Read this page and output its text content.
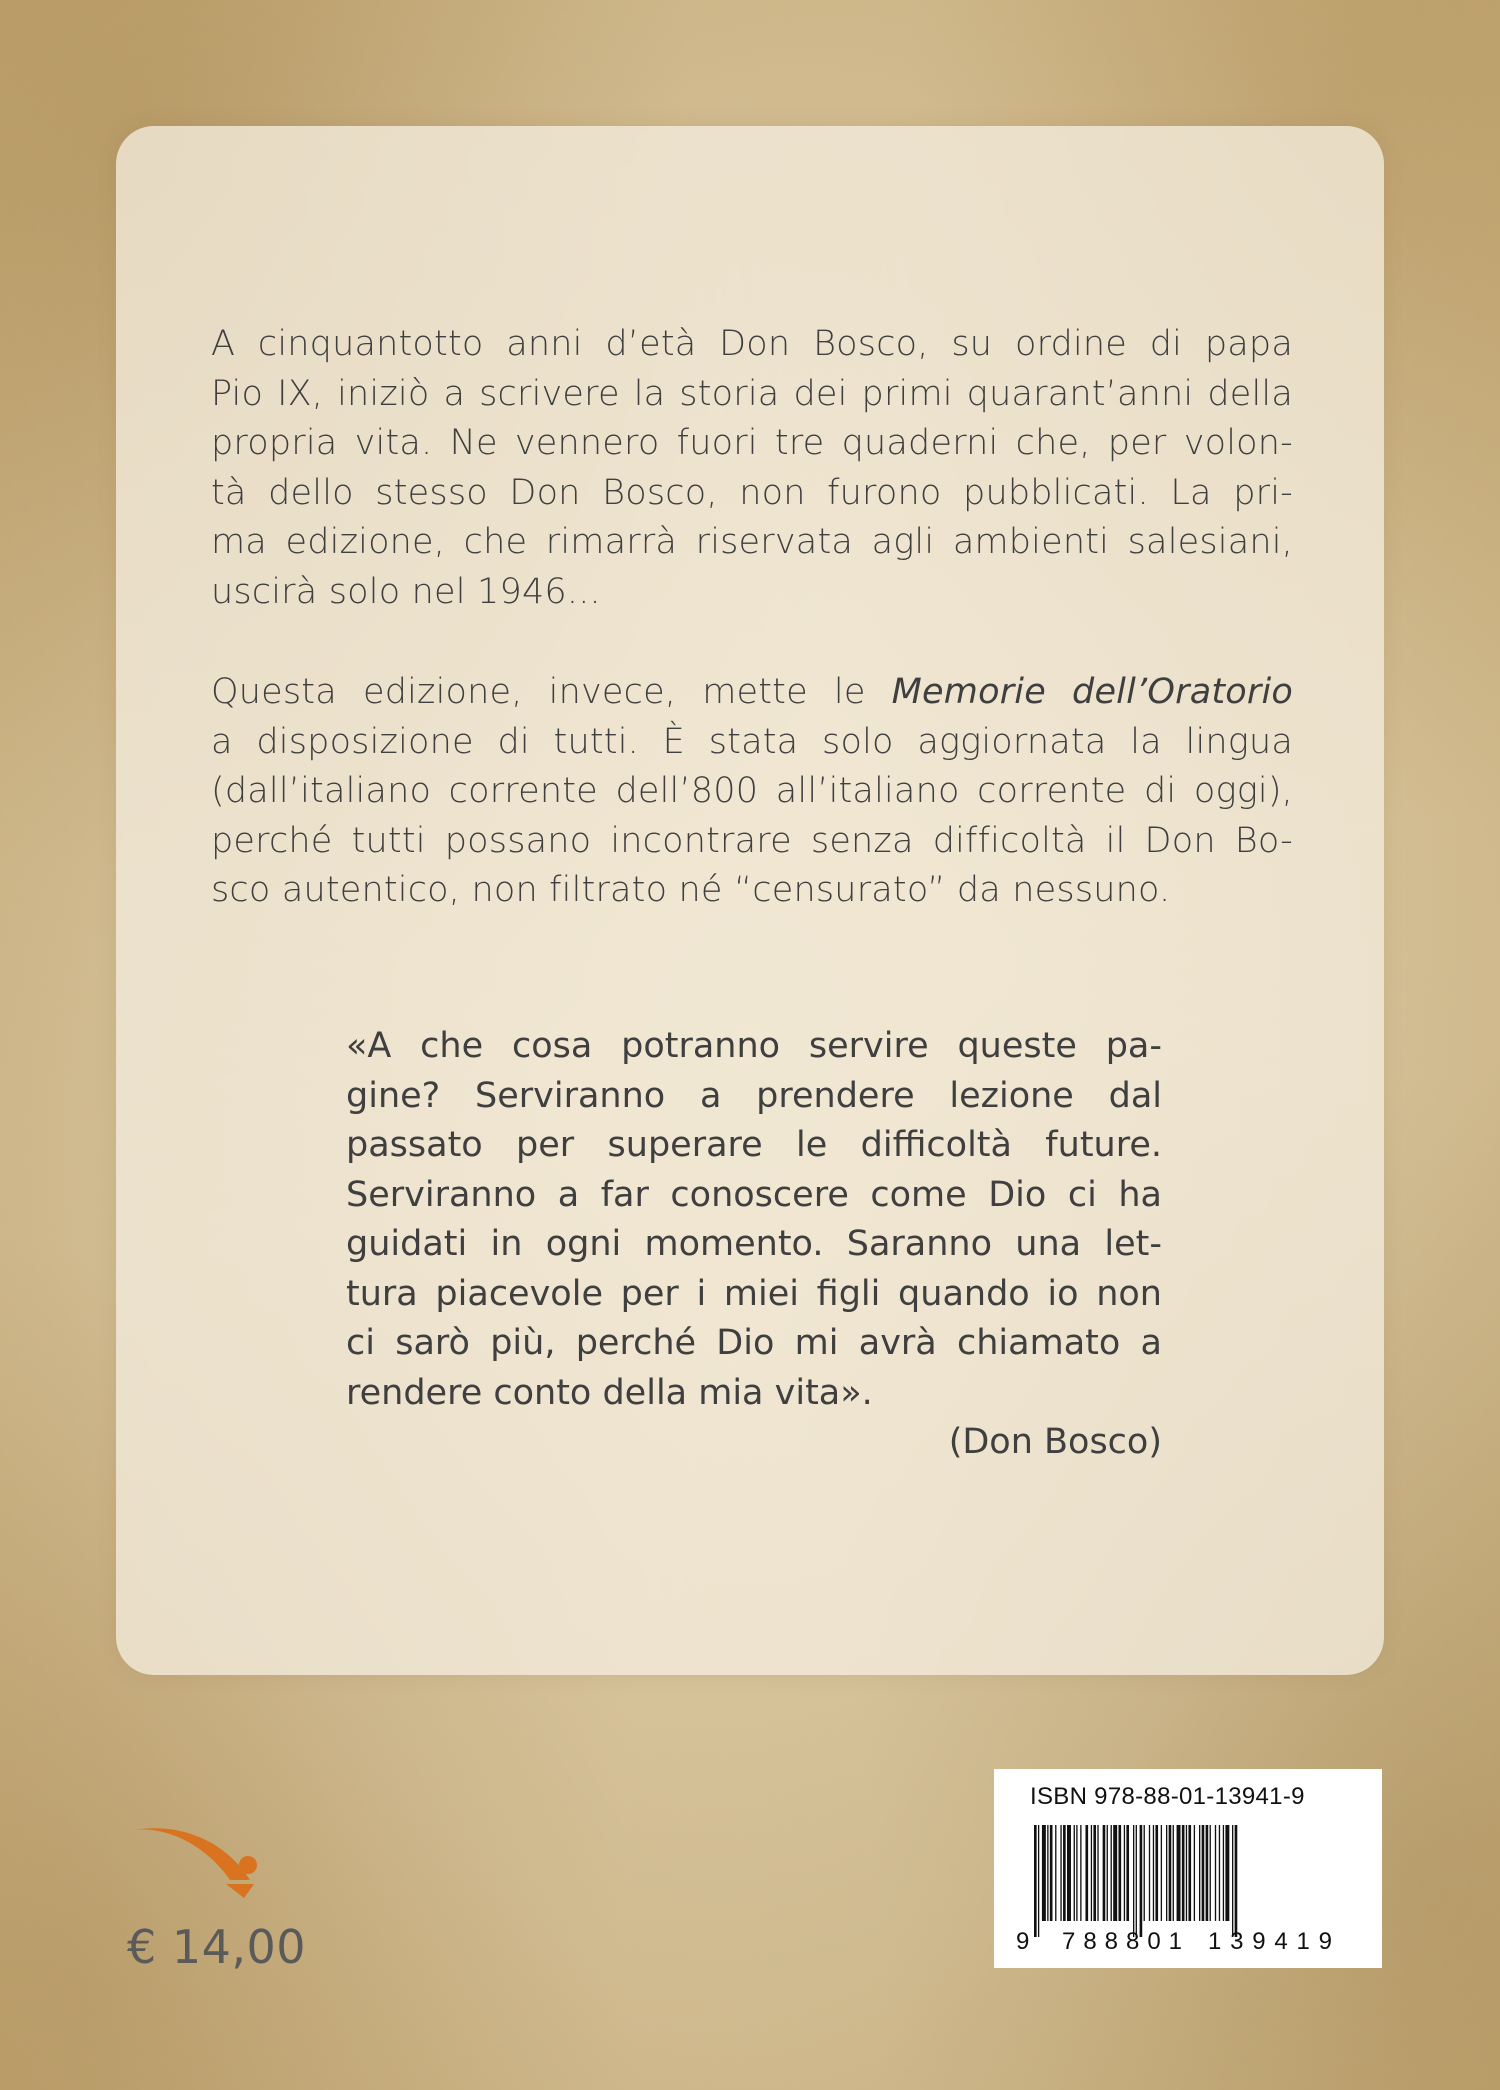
A cinquantotto anni d’età Don Bosco, su ordine di papa
Pio IX, iniziò a scrivere la storia dei primi quarant’anni della
propria vita. Ne vennero fuori tre quaderni che, per volon-
tà dello stesso Don Bosco, non furono pubblicati. La pri-
ma edizione, che rimarrà riservata agli ambienti salesiani,
uscirà solo nel 1946...
Questa edizione, invece, mette le Memorie dell’Oratorio
a disposizione di tutti. È stata solo aggiornata la lingua
(dall’italiano corrente dell’800 all’italiano corrente di oggi),
perché tutti possano incontrare senza difficoltà il Don Bo-
sco autentico, non filtrato né “censurato” da nessuno.
«A che cosa potranno servire queste pa-
gine? Serviranno a prendere lezione dal
passato per superare le difficoltà future.
Serviranno a far conoscere come Dio ci ha
guidati in ogni momento. Saranno una let-
tura piacevole per i miei figli quando io non
ci sarò più, perché Dio mi avrà chiamato a
rendere conto della mia vita».
(Don Bosco)
€ 14,00
ISBN 978-88-01-13941-9
9 788801 139419
